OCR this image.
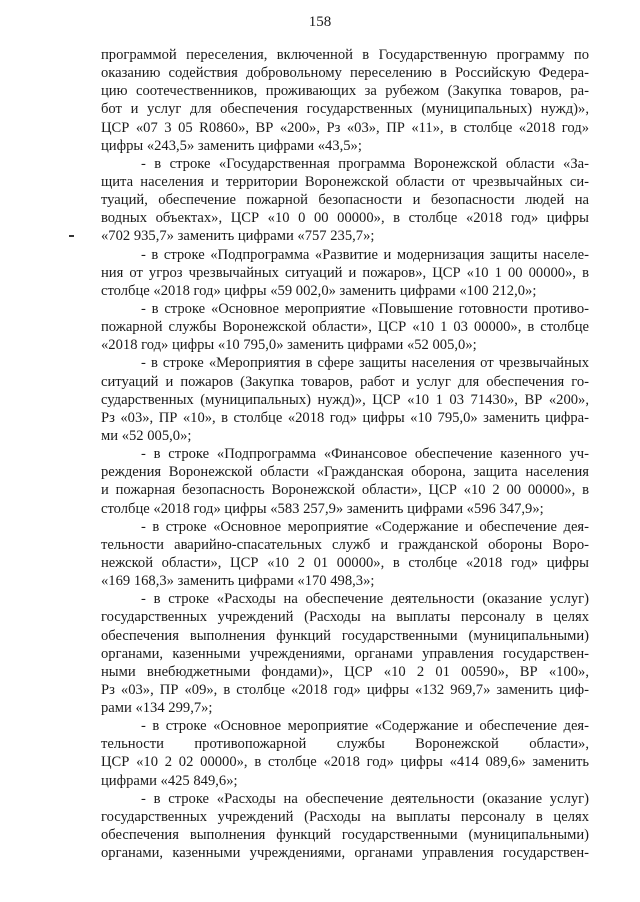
158
программой переселения, включенной в Государственную программу по
оказанию содействия добровольному переселению в Российскую Федера-
цию соотечественников, проживающих за рубежом (Закупка товаров, ра-
бот и услуг для обеспечения государственных (муниципальных) нужд)»,
ЦСР «07 3 05 R0860», ВР «200», Рз «03», ПР «11», в столбце «2018 год»
цифры «243,5» заменить цифрами «43,5»;
- в строке «Государственная программа Воронежской области «За-
щита населения и территории Воронежской области от чрезвычайных си-
туаций, обеспечение пожарной безопасности и безопасности людей на
водных объектах», ЦСР «10 0 00 00000», в столбце «2018 год» цифры
«702 935,7» заменить цифрами «757 235,7»;
- в строке «Подпрограмма «Развитие и модернизация защиты населе-
ния от угроз чрезвычайных ситуаций и пожаров», ЦСР «10 1 00 00000», в
столбце «2018 год» цифры «59 002,0» заменить цифрами «100 212,0»;
- в строке «Основное мероприятие «Повышение готовности противо-
пожарной службы Воронежской области», ЦСР «10 1 03 00000», в столбце
«2018 год» цифры «10 795,0» заменить цифрами «52 005,0»;
- в строке «Мероприятия в сфере защиты населения от чрезвычайных
ситуаций и пожаров (Закупка товаров, работ и услуг для обеспечения го-
сударственных (муниципальных) нужд)», ЦСР «10 1 03 71430», ВР «200»,
Рз «03», ПР «10», в столбце «2018 год» цифры «10 795,0» заменить цифра-
ми «52 005,0»;
- в строке «Подпрограмма «Финансовое обеспечение казенного уч-
реждения Воронежской области «Гражданская оборона, защита населения
и пожарная безопасность Воронежской области», ЦСР «10 2 00 00000», в
столбце «2018 год» цифры «583 257,9» заменить цифрами «596 347,9»;
- в строке «Основное мероприятие «Содержание и обеспечение дея-
тельности аварийно-спасательных служб и гражданской обороны Воро-
нежской области», ЦСР «10 2 01 00000», в столбце «2018 год» цифры
«169 168,3» заменить цифрами «170 498,3»;
- в строке «Расходы на обеспечение деятельности (оказание услуг)
государственных учреждений (Расходы на выплаты персоналу в целях
обеспечения выполнения функций государственными (муниципальными)
органами, казенными учреждениями, органами управления государствен-
ными внебюджетными фондами)», ЦСР «10 2 01 00590», ВР «100»,
Рз «03», ПР «09», в столбце «2018 год» цифры «132 969,7» заменить циф-
рами «134 299,7»;
- в строке «Основное мероприятие «Содержание и обеспечение дея-
тельности противопожарной службы Воронежской области»,
ЦСР «10 2 02 00000», в столбце «2018 год» цифры «414 089,6» заменить
цифрами «425 849,6»;
- в строке «Расходы на обеспечение деятельности (оказание услуг)
государственных учреждений (Расходы на выплаты персоналу в целях
обеспечения выполнения функций государственными (муниципальными)
органами, казенными учреждениями, органами управления государствен-
